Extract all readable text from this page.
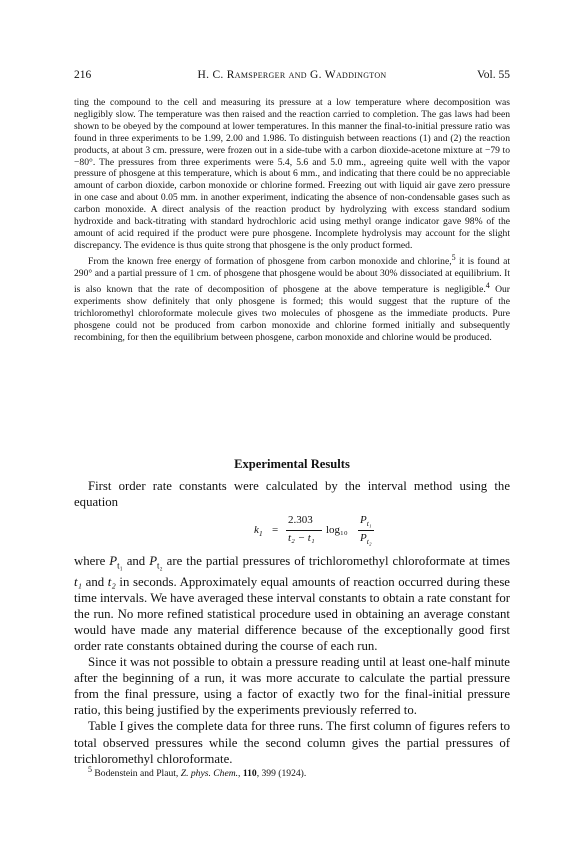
216	H. C. Ramsperger and G. Waddington	Vol. 55

ting the compound to the cell and measuring its pressure at a low temperature where decomposition was negligibly slow. The temperature was then raised and the reaction carried to completion. The gas laws had been shown to be obeyed by the compound at lower temperatures. In this manner the final-to-initial pressure ratio was found in three experiments to be 1.99, 2.00 and 1.986. To distinguish between reactions (1) and (2) the reaction products, at about 3 cm. pressure, were frozen out in a side-tube with a carbon dioxide-acetone mixture at −79 to −80°. The pressures from three experiments were 5.4, 5.6 and 5.0 mm., agreeing quite well with the vapor pressure of phosgene at this temperature, which is about 6 mm., and indicating that there could be no appreciable amount of carbon dioxide, carbon monoxide or chlorine formed. Freezing out with liquid air gave zero pressure in one case and about 0.05 mm. in another experiment, indicating the absence of non-condensable gases such as carbon monoxide. A direct analysis of the reaction product by hydrolyzing with excess standard sodium hydroxide and back-titrating with standard hydrochloric acid using methyl orange indicator gave 98% of the amount of acid required if the product were pure phosgene. Incomplete hydrolysis may account for the slight discrepancy. The evidence is thus quite strong that phosgene is the only product formed.

From the known free energy of formation of phosgene from carbon monoxide and chlorine,$^5$ it is found at 290° and a partial pressure of 1 cm. of phosgene that phosgene would be about 30% dissociated at equilibrium. It is also known that the rate of decomposition of phosgene at the above temperature is negligible.$^4$ Our experiments show definitely that only phosgene is formed; this would suggest that the rupture of the trichloromethyl chloroformate molecule gives two molecules of phosgene as the immediate products. Pure phosgene could not be produced from carbon monoxide and chlorine formed initially and subsequently recombining, for then the equilibrium between phosgene, carbon monoxide and chlorine would be produced.

Experimental Results

First order rate constants were calculated by the interval method using the equation

$k_1$ =
2.303
t₂ − t₁
log₁₀
$P_{t_1}$
$P_{t_2}$

where $P_{t_1}$ and $P_{t_2}$ are the partial pressures of trichloromethyl chloroformate at times t₁ and t₂ in seconds. Approximately equal amounts of reaction occurred during these time intervals. We have averaged these interval constants to obtain a rate constant for the run. No more refined statistical procedure used in obtaining an average constant would have made any material difference because of the exceptionally good first order rate constants obtained during the course of each run.

Since it was not possible to obtain a pressure reading until at least one-half minute after the beginning of a run, it was more accurate to calculate the partial pressure from the final pressure, using a factor of exactly two for the final-initial pressure ratio, this being justified by the experiments previously referred to.

Table I gives the complete data for three runs. The first column of figures refers to total observed pressures while the second column gives the partial pressures of trichloromethyl chloroformate.

$^5$ Bodenstein and Plaut, Z. phys. Chem., 110, 399 (1924).
